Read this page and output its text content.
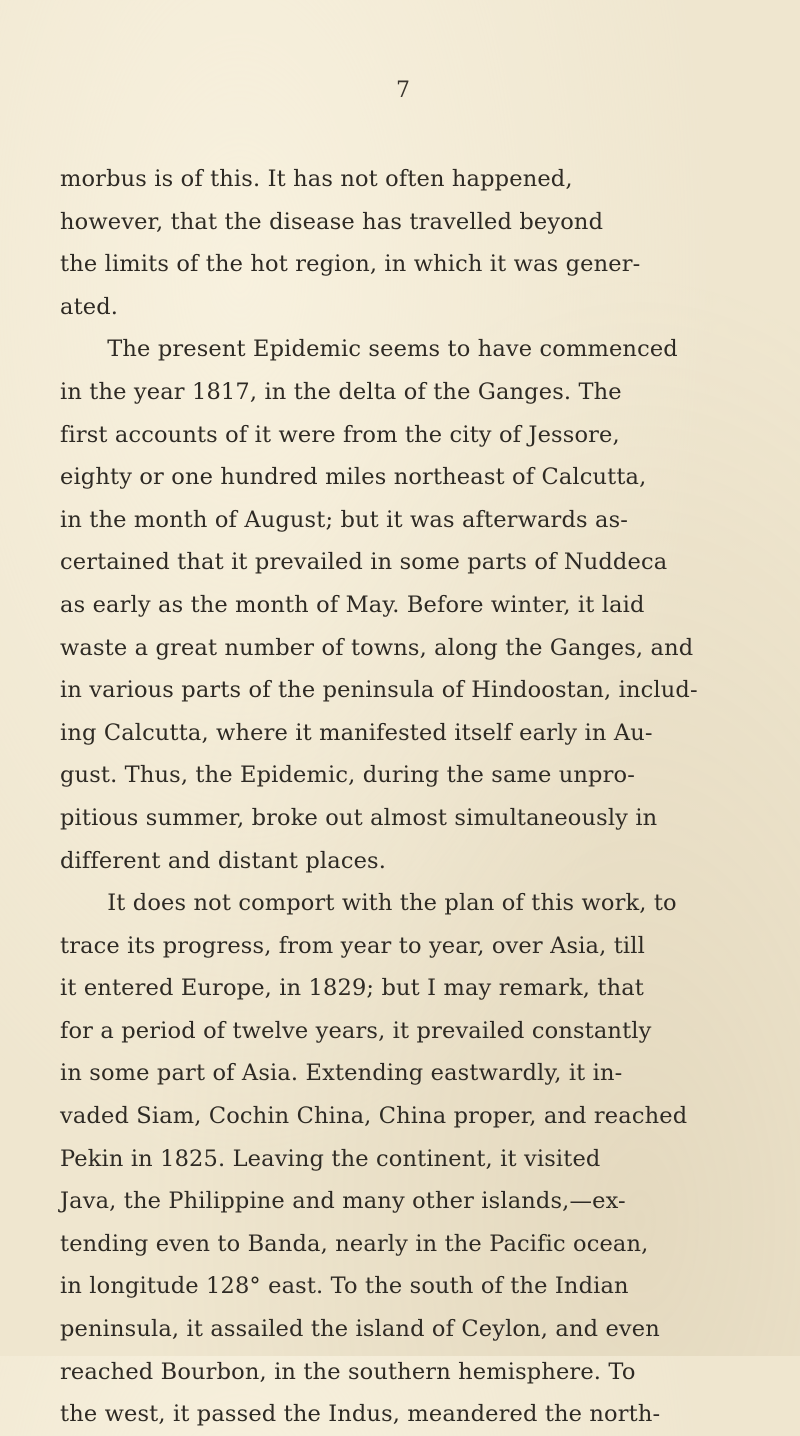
7
morbus is of this. It has not often happened,
however, that the disease has travelled beyond
the limits of the hot region, in which it was gener-
ated.
The present Epidemic seems to have commenced
in the year 1817, in the delta of the Ganges. The
first accounts of it were from the city of Jessore,
eighty or one hundred miles northeast of Calcutta,
in the month of August; but it was afterwards as-
certained that it prevailed in some parts of Nuddeca
as early as the month of May. Before winter, it laid
waste a great number of towns, along the Ganges, and
in various parts of the peninsula of Hindoostan, includ-
ing Calcutta, where it manifested itself early in Au-
gust. Thus, the Epidemic, during the same unpro-
pitious summer, broke out almost simultaneously in
different and distant places.
It does not comport with the plan of this work, to
trace its progress, from year to year, over Asia, till
it entered Europe, in 1829; but I may remark, that
for a period of twelve years, it prevailed constantly
in some part of Asia. Extending eastwardly, it in-
vaded Siam, Cochin China, China proper, and reached
Pekin in 1825. Leaving the continent, it visited
Java, the Philippine and many other islands,—ex-
tending even to Banda, nearly in the Pacific ocean,
in longitude 128° east. To the south of the Indian
peninsula, it assailed the island of Ceylon, and even
reached Bourbon, in the southern hemisphere. To
the west, it passed the Indus, meandered the north-
